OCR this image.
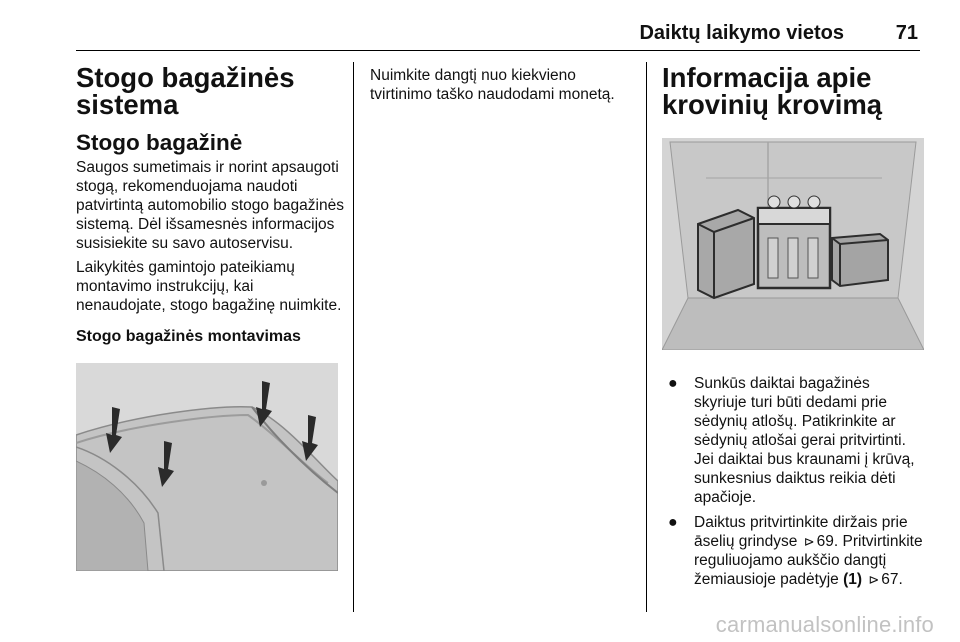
Daiktų laikymo vietos	71
Stogo bagažinės sistema
Stogo bagažinė

Saugos sumetimais ir norint apsaugoti stogą, rekomenduojama naudoti patvirtintą automobilio stogo bagažinės sistemą. Dėl išsamesnės informacijos susisiekite su savo autoservisu.

Laikykitės gamintojo pateikiamų montavimo instrukcijų, kai nenaudojate, stogo bagažinę nuimkite.

Stogo bagažinės montavimas

Nuimkite dangtį nuo kiekvieno tvirtinimo taško naudodami monetą.

Informacija apie krovinių krovimą
● Sunkūs daiktai bagažinės skyriuje turi būti dedami prie sėdynių atlošų. Patikrinkite ar sėdynių atlošai gerai pritvirtinti. Jei daiktai bus kraunami į krūvą, sunkesnius daiktus reikia dėti apačioje.
● Daiktus pritvirtinkite diržais prie āselių grindyse ⊳ 69. Pritvirtinkite reguliuojamo aukščio dangtį žemiausioje padėtyje (1) ⊳ 67.
carmanualsonline.info
